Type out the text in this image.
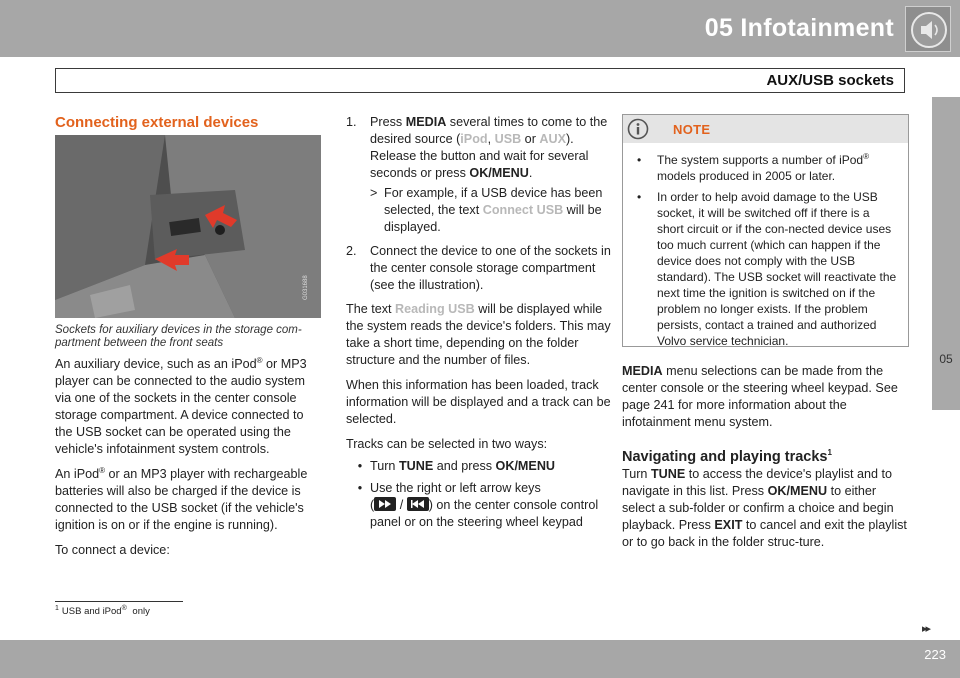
05 Infotainment
AUX/USB sockets
05
Connecting external devices
G031688
Sockets for auxiliary devices in the storage com-partment between the front seats
An auxiliary device, such as an iPod® or MP3 player can be connected to the audio system via one of the sockets in the center console storage compartment. A device connected to the USB socket can be operated using the vehicle's infotainment system controls.
An iPod® or an MP3 player with rechargeable batteries will also be charged if the device is connected to the USB socket (if the vehicle's ignition is on or if the engine is running).
To connect a device:
1.	Press MEDIA several times to come to the desired source (iPod, USB or AUX). Release the button and wait for several seconds or press OK/MENU.
> For example, if a USB device has been selected, the text Connect USB will be displayed.
2.	Connect the device to one of the sockets in the center console storage compartment (see the illustration).
The text Reading USB will be displayed while the system reads the device's folders. This may take a short time, depending on the folder structure and the number of files.
When this information has been loaded, track information will be displayed and a track can be selected.
Tracks can be selected in two ways:
• Turn TUNE and press OK/MENU
• Use the right or left arrow keys
( / ) on the center console control panel or on the steering wheel keypad
NOTE
•	The system supports a number of iPod® models produced in 2005 or later.
•	In order to help avoid damage to the USB socket, it will be switched off if there is a short circuit or if the con-nected device uses too much current (which can happen if the device does not comply with the USB standard). The USB socket will reactivate the next time the ignition is switched on if the problem no longer exists. If the problem persists, contact a trained and authorized Volvo service technician.
MEDIA menu selections can be made from the center console or the steering wheel keypad. See page 241 for more information about the infotainment menu system.
Navigating and playing tracks$^1$
Turn TUNE to access the device's playlist and to navigate in this list. Press OK/MENU to either select a sub-folder or confirm a choice and begin playback. Press EXIT to cancel and exit the playlist or to go back in the folder struc-ture.
$^1$ USB and iPod® only
▸▸
223
